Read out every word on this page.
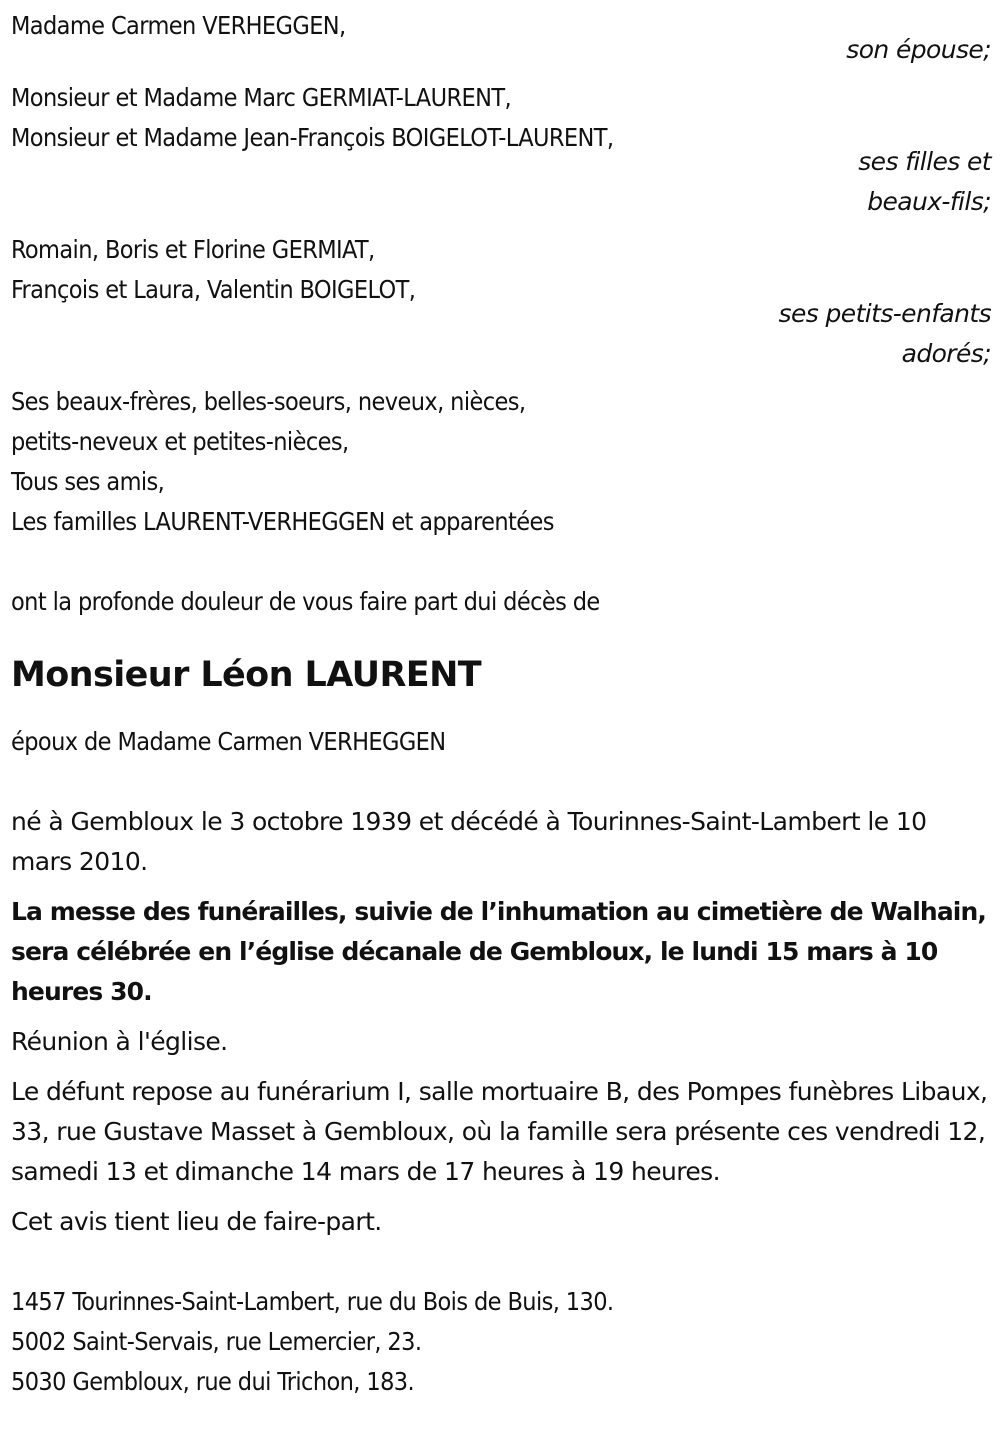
Madame Carmen VERHEGGEN,
son épouse;
Monsieur et Madame Marc GERMIAT-LAURENT,
Monsieur et Madame Jean-François BOIGELOT-LAURENT,
ses filles et
beaux-fils;
Romain, Boris et Florine GERMIAT,
François et Laura, Valentin BOIGELOT,
ses petits-enfants
adorés;
Ses beaux-frères, belles-soeurs, neveux, nièces,
petits-neveux et petites-nièces,
Tous ses amis,
Les familles LAURENT-VERHEGGEN et apparentées
ont la profonde douleur de vous faire part dui décès de
Monsieur Léon LAURENT
époux de Madame Carmen VERHEGGEN
né à Gembloux le 3 octobre 1939 et décédé à Tourinnes-Saint-Lambert le 10 mars 2010.
La messe des funérailles, suivie de l’inhumation au cimetière de Walhain, sera célébrée en l’église décanale de Gembloux, le lundi 15 mars à 10 heures 30.
Réunion à l'église.
Le défunt repose au funérarium I, salle mortuaire B, des Pompes funèbres Libaux, 33, rue Gustave Masset à Gembloux, où la famille sera présente ces vendredi 12, samedi 13 et dimanche 14 mars de 17 heures à 19 heures.
Cet avis tient lieu de faire-part.
1457 Tourinnes-Saint-Lambert, rue du Bois de Buis, 130.
5002 Saint-Servais, rue Lemercier, 23.
5030 Gembloux, rue dui Trichon, 183.
